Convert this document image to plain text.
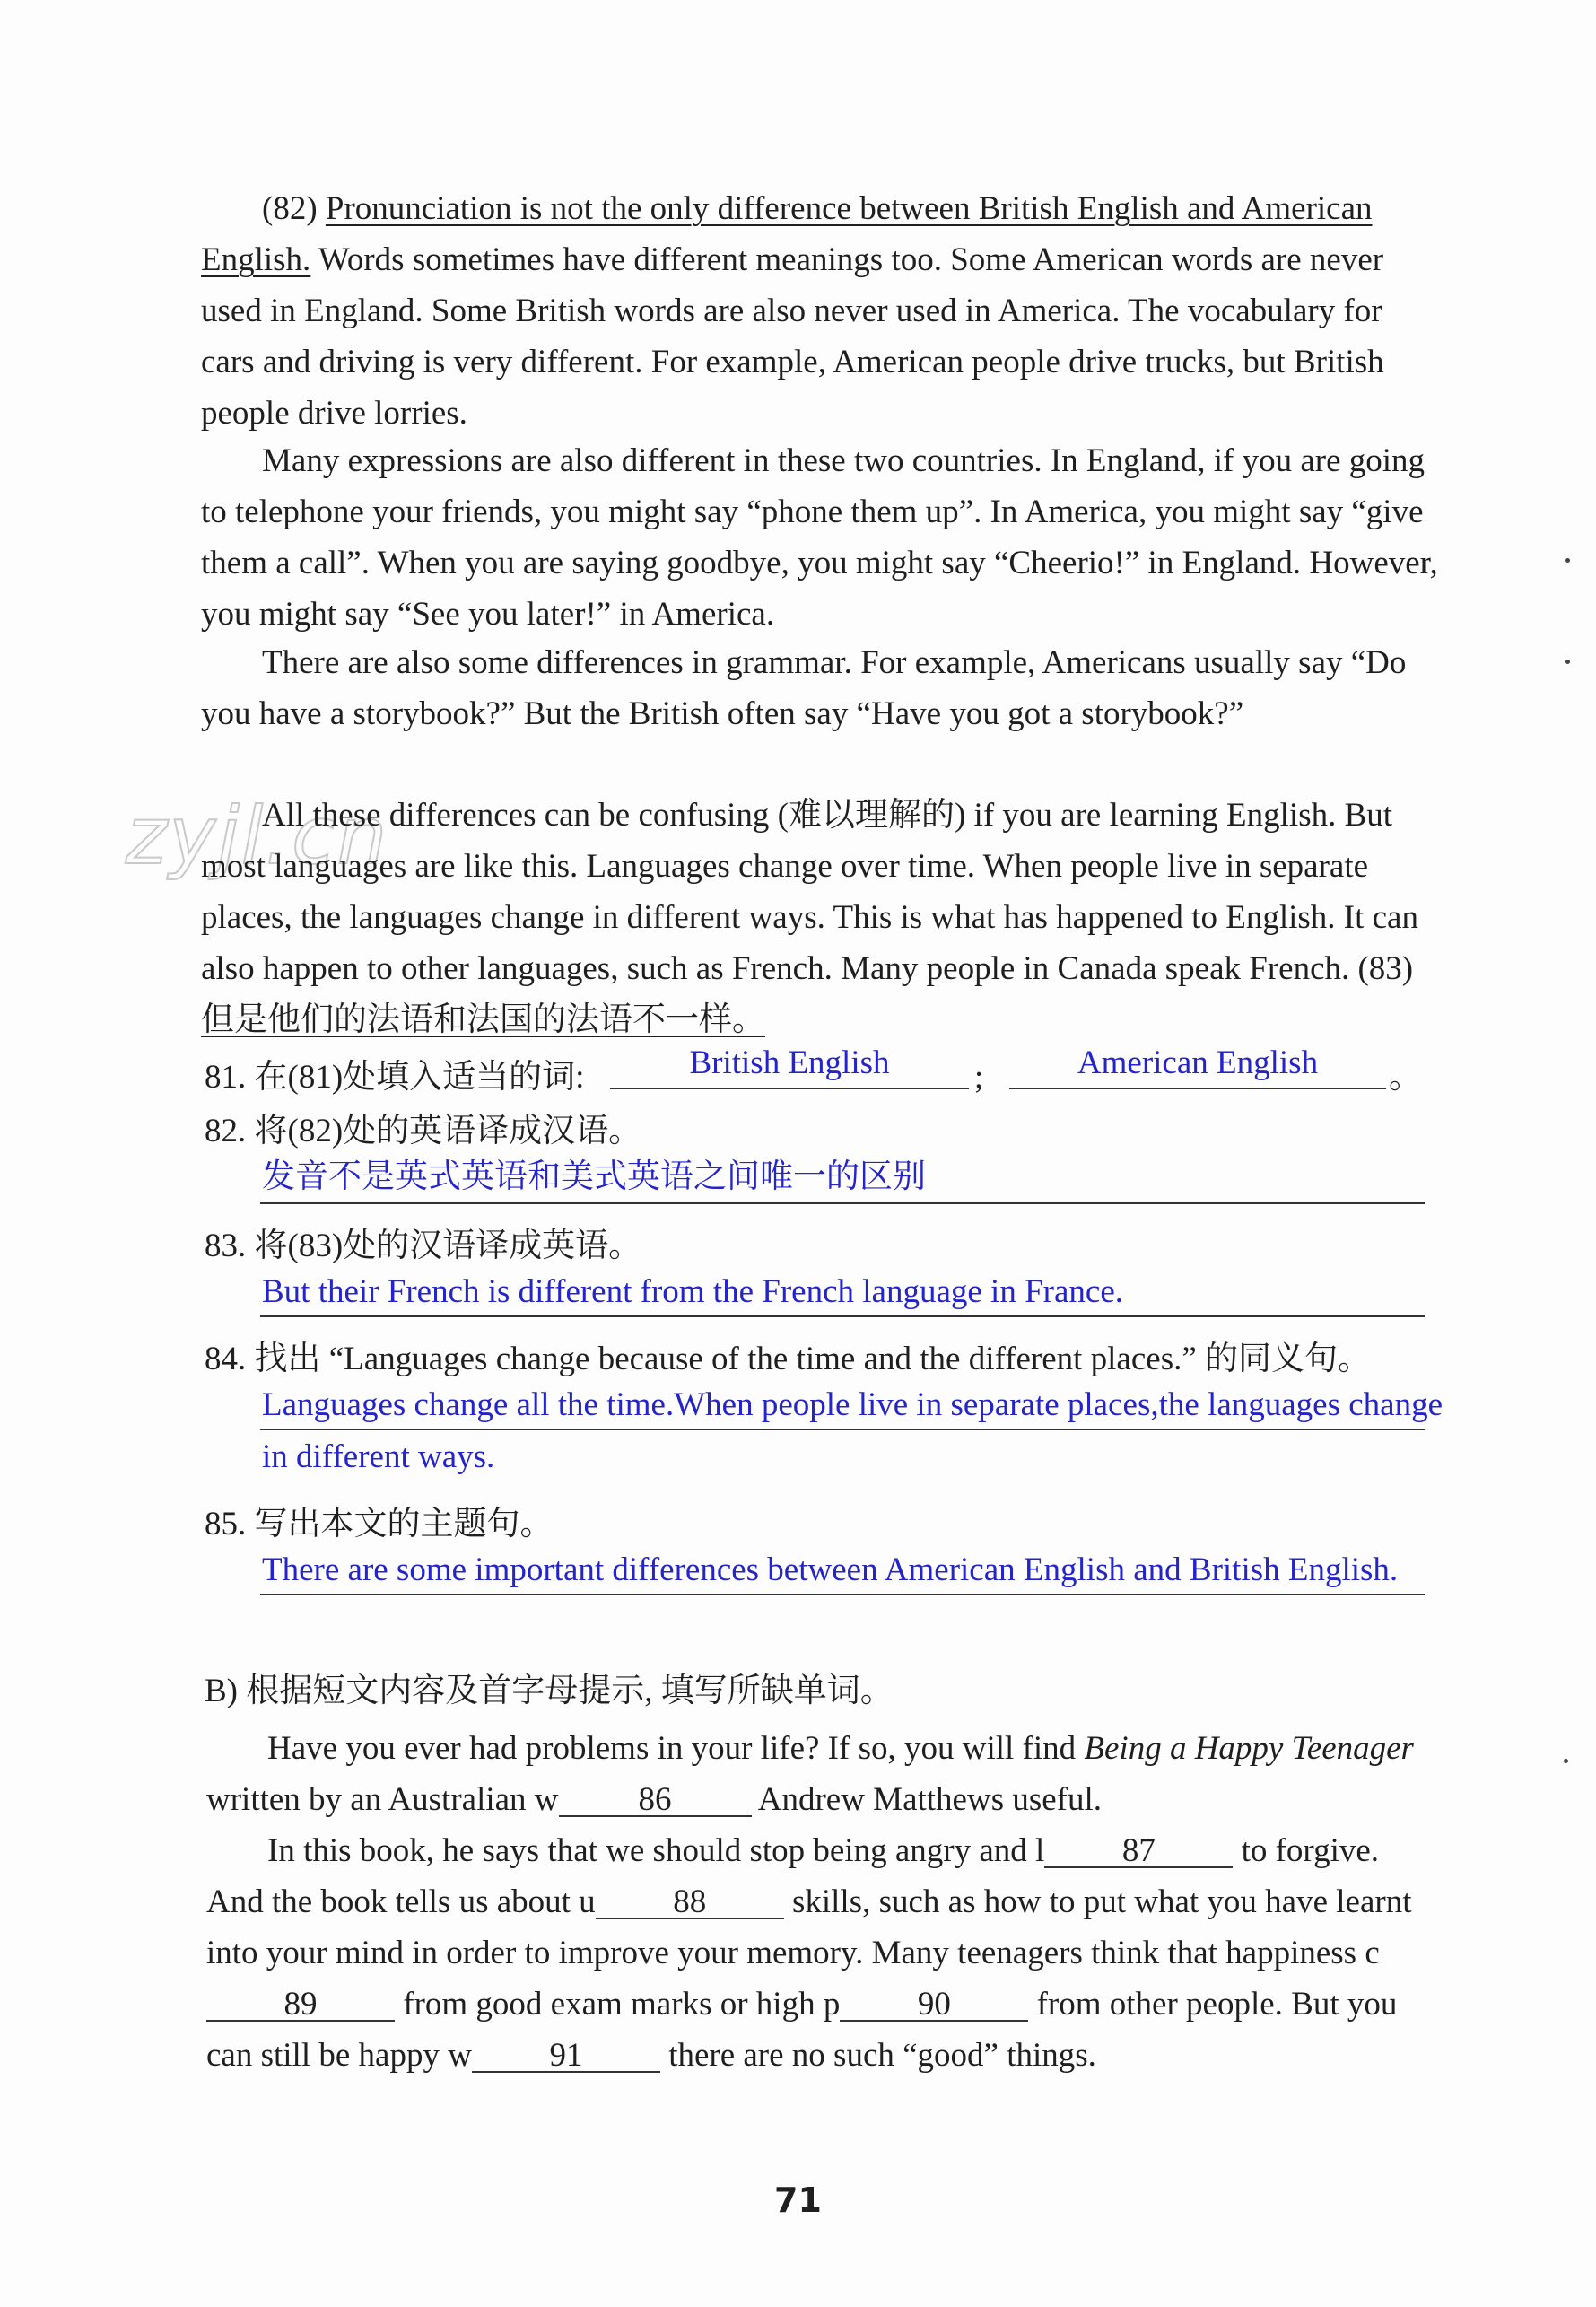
zyjl.cn

(82) Pronunciation is not the only difference between British English and American English. Words sometimes have different meanings too. Some American words are never used in England. Some British words are also never used in America. The vocabulary for cars and driving is very different. For example, American people drive trucks, but British people drive lorries.

Many expressions are also different in these two countries. In England, if you are going to telephone your friends, you might say “phone them up”. In America, you might say “give them a call”. When you are saying goodbye, you might say “Cheerio!” in England. However, you might say “See you later!” in America.

There are also some differences in grammar. For example, Americans usually say “Do you have a storybook?” But the British often say “Have you got a storybook?”

All these differences can be confusing (难以理解的) if you are learning English. But most languages are like this. Languages change over time. When people live in separate places, the languages change in different ways. This is what has happened to English. It can also happen to other languages, such as French. Many people in Canada speak French. (83) 但是他们的法语和法国的法语不一样。

81. 在(81)处填入适当的词:	British English	;	American English	。
82. 将(82)处的英语译成汉语。
发音不是英式英语和美式英语之间唯一的区别
83. 将(83)处的汉语译成英语。
But their French is different from the French language in France.
84. 找出 “Languages change because of the time and the different places.” 的同义句。
Languages change all the time.When people live in separate places,the languages change in different ways.
85. 写出本文的主题句。
There are some important differences between American English and British English.
B) 根据短文内容及首字母提示, 填写所缺单词。

Have you ever had problems in your life? If so, you will find Being a Happy Teenager written by an Australian w 86 Andrew Matthews useful.

In this book, he says that we should stop being angry and l 87 to forgive. And the book tells us about u 88 skills, such as how to put what you have learnt into your mind in order to improve your memory. Many teenagers think that happiness c89 from good exam marks or high p 90 from other people. But you can still be happy w 91 there are no such “good” things.

71
